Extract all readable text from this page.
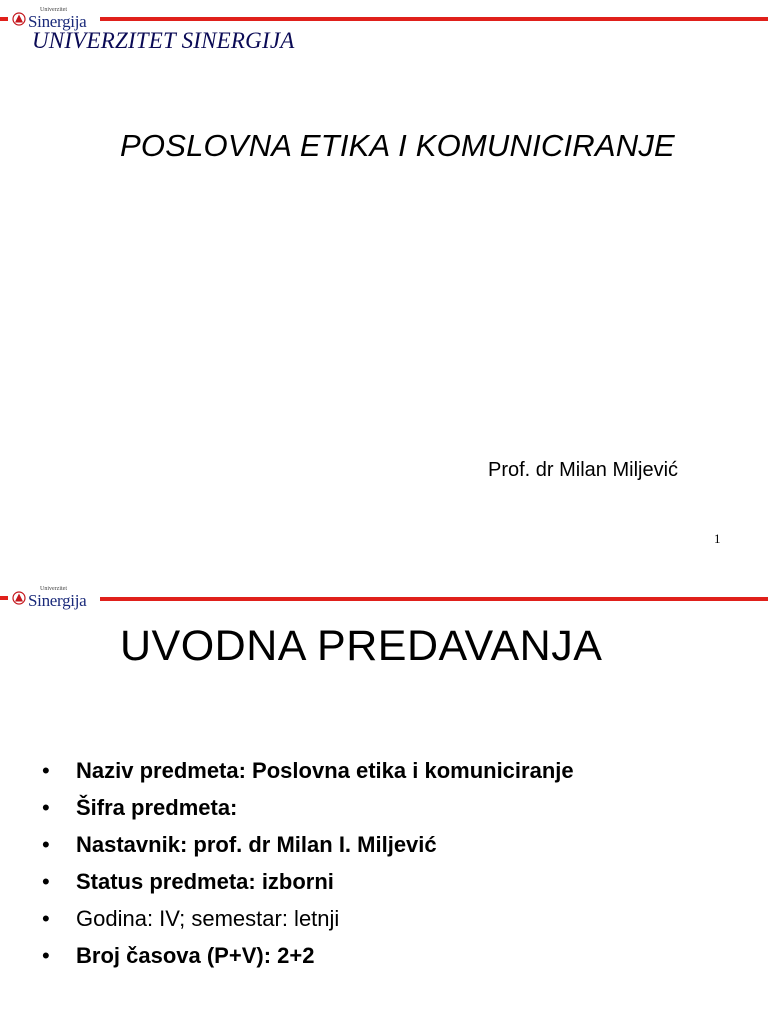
Univerzitet
Sinergija
UNIVERZITET SINERGIJA
POSLOVNA ETIKA I KOMUNICIRANJE
Prof. dr Milan Miljević
1
Univerzitet
Sinergija
UVODNA PREDAVANJA
• Naziv predmeta: Poslovna etika i komuniciranje
• Šifra predmeta:
• Nastavnik: prof. dr Milan I. Miljević
• Status predmeta: izborni
• Godina: IV; semestar: letnji
• Broj časova (P+V): 2+2
